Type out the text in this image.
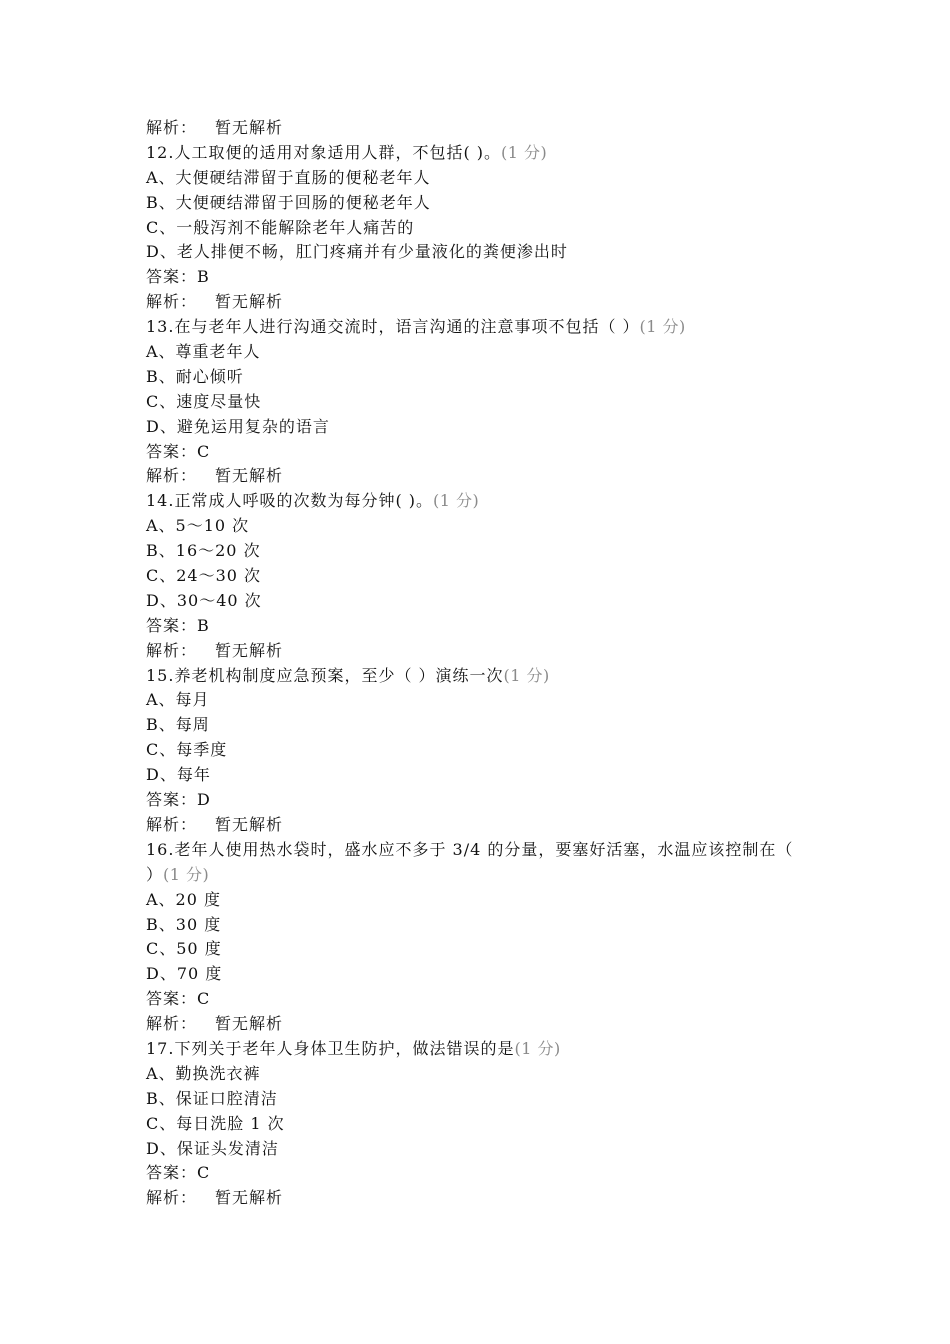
解析： 暂无解析
12.人工取便的适用对象适用人群，不包括( )。(1 分)
A、大便硬结滞留于直肠的便秘老年人
B、大便硬结滞留于回肠的便秘老年人
C、一般泻剂不能解除老年人痛苦的
D、老人排便不畅，肛门疼痛并有少量液化的粪便渗出时
答案：B
解析： 暂无解析
13.在与老年人进行沟通交流时，语言沟通的注意事项不包括（ ）(1 分)
A、尊重老年人
B、耐心倾听
C、速度尽量快
D、避免运用复杂的语言
答案：C
解析： 暂无解析
14.正常成人呼吸的次数为每分钟( )。(1 分)
A、5～10 次
B、16～20 次
C、24～30 次
D、30～40 次
答案：B
解析： 暂无解析
15.养老机构制度应急预案，至少（ ）演练一次(1 分)
A、每月
B、每周
C、每季度
D、每年
答案：D
解析： 暂无解析
16.老年人使用热水袋时，盛水应不多于 3/4 的分量，要塞好活塞，水温应该控制在（ ）(1 分)
A、20 度
B、30 度
C、50 度
D、70 度
答案：C
解析： 暂无解析
17.下列关于老年人身体卫生防护，做法错误的是(1 分)
A、勤换洗衣裤
B、保证口腔清洁
C、每日洗脸 1 次
D、保证头发清洁
答案：C
解析： 暂无解析
